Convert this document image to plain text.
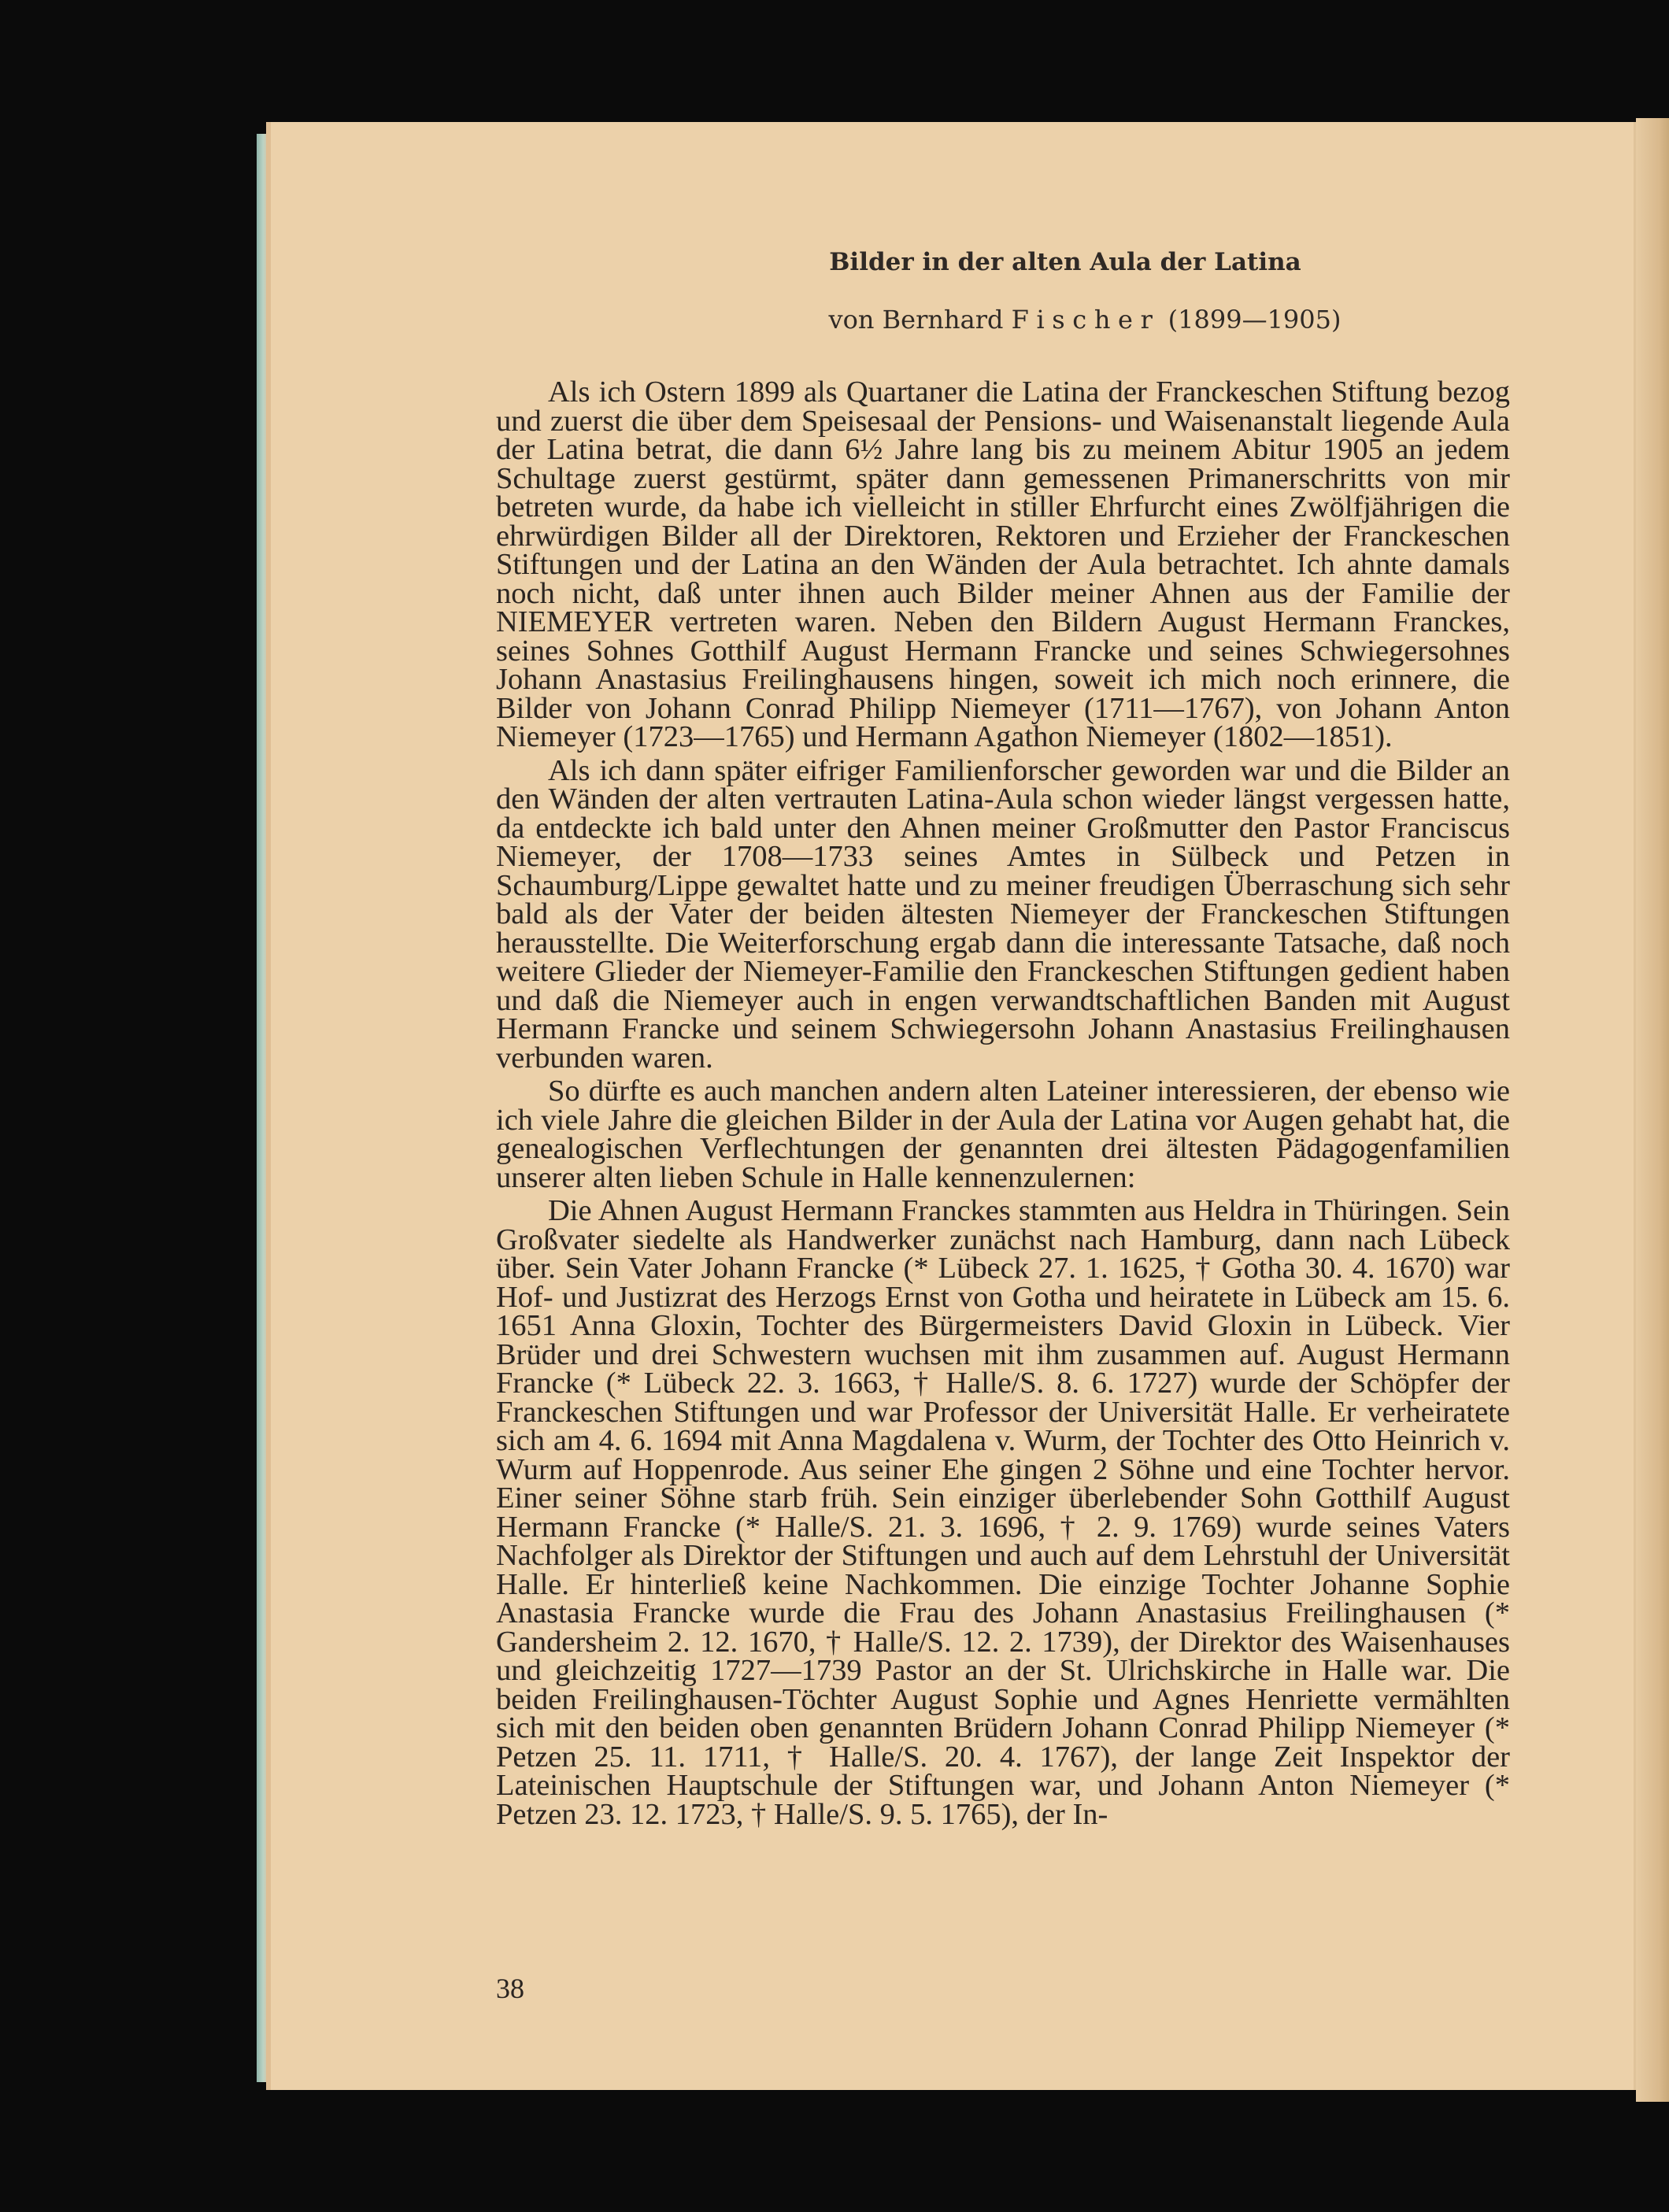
Bilder in der alten Aula der Latina
von Bernhard Fischer (1899—1905)

Als ich Ostern 1899 als Quartaner die Latina der Franckeschen Stiftung bezog und zuerst die über dem Speisesaal der Pensions- und Waisenanstalt liegende Aula der Latina betrat, die dann 6½ Jahre lang bis zu meinem Abitur 1905 an jedem Schultage zuerst gestürmt, später dann gemessenen Primanerschritts von mir betreten wurde, da habe ich vielleicht in stiller Ehrfurcht eines Zwölfjährigen die ehrwürdigen Bilder all der Direktoren, Rektoren und Erzieher der Franckeschen Stiftungen und der Latina an den Wänden der Aula betrachtet. Ich ahnte damals noch nicht, daß unter ihnen auch Bilder meiner Ahnen aus der Familie der NIEMEYER vertreten waren. Neben den Bildern August Hermann Franckes, seines Sohnes Gotthilf August Hermann Francke und seines Schwiegersohnes Johann Anastasius Freilinghausens hingen, soweit ich mich noch erinnere, die Bilder von Johann Conrad Philipp Niemeyer (1711—1767), von Johann Anton Niemeyer (1723—1765) und Hermann Agathon Niemeyer (1802—1851).

Als ich dann später eifriger Familienforscher geworden war und die Bilder an den Wänden der alten vertrauten Latina-Aula schon wieder längst vergessen hatte, da entdeckte ich bald unter den Ahnen meiner Großmutter den Pastor Franciscus Niemeyer, der 1708—1733 seines Amtes in Sülbeck und Petzen in Schaumburg/Lippe gewaltet hatte und zu meiner freudigen Überraschung sich sehr bald als der Vater der beiden ältesten Niemeyer der Franckeschen Stiftungen herausstellte. Die Weiterforschung ergab dann die interessante Tatsache, daß noch weitere Glieder der Niemeyer-Familie den Franckeschen Stiftungen gedient haben und daß die Niemeyer auch in engen verwandtschaftlichen Banden mit August Hermann Francke und seinem Schwiegersohn Johann Anastasius Freilinghausen verbunden waren.

So dürfte es auch manchen andern alten Lateiner interessieren, der ebenso wie ich viele Jahre die gleichen Bilder in der Aula der Latina vor Augen gehabt hat, die genealogischen Verflechtungen der genannten drei ältesten Pädagogenfamilien unserer alten lieben Schule in Halle kennenzulernen:

Die Ahnen August Hermann Franckes stammten aus Heldra in Thüringen. Sein Großvater siedelte als Handwerker zunächst nach Hamburg, dann nach Lübeck über. Sein Vater Johann Francke (* Lübeck 27. 1. 1625, † Gotha 30. 4. 1670) war Hof- und Justizrat des Herzogs Ernst von Gotha und heiratete in Lübeck am 15. 6. 1651 Anna Gloxin, Tochter des Bürgermeisters David Gloxin in Lübeck. Vier Brüder und drei Schwestern wuchsen mit ihm zusammen auf. August Hermann Francke (* Lübeck 22. 3. 1663, † Halle/S. 8. 6. 1727) wurde der Schöpfer der Franckeschen Stiftungen und war Professor der Universität Halle. Er verheiratete sich am 4. 6. 1694 mit Anna Magdalena v. Wurm, der Tochter des Otto Heinrich v. Wurm auf Hoppenrode. Aus seiner Ehe gingen 2 Söhne und eine Tochter hervor. Einer seiner Söhne starb früh. Sein einziger überlebender Sohn Gotthilf August Hermann Francke (* Halle/S. 21. 3. 1696, † 2. 9. 1769) wurde seines Vaters Nachfolger als Direktor der Stiftungen und auch auf dem Lehrstuhl der Universität Halle. Er hinterließ keine Nachkommen. Die einzige Tochter Johanne Sophie Anastasia Francke wurde die Frau des Johann Anastasius Freilinghausen (* Gandersheim 2. 12. 1670, † Halle/S. 12. 2. 1739), der Direktor des Waisenhauses und gleichzeitig 1727—1739 Pastor an der St. Ulrichskirche in Halle war. Die beiden Freilinghausen-Töchter August Sophie und Agnes Henriette vermählten sich mit den beiden oben genannten Brüdern Johann Conrad Philipp Niemeyer (* Petzen 25. 11. 1711, † Halle/S. 20. 4. 1767), der lange Zeit Inspektor der Lateinischen Hauptschule der Stiftungen war, und Johann Anton Niemeyer (* Petzen 23. 12. 1723, † Halle/S. 9. 5. 1765), der In-

38
